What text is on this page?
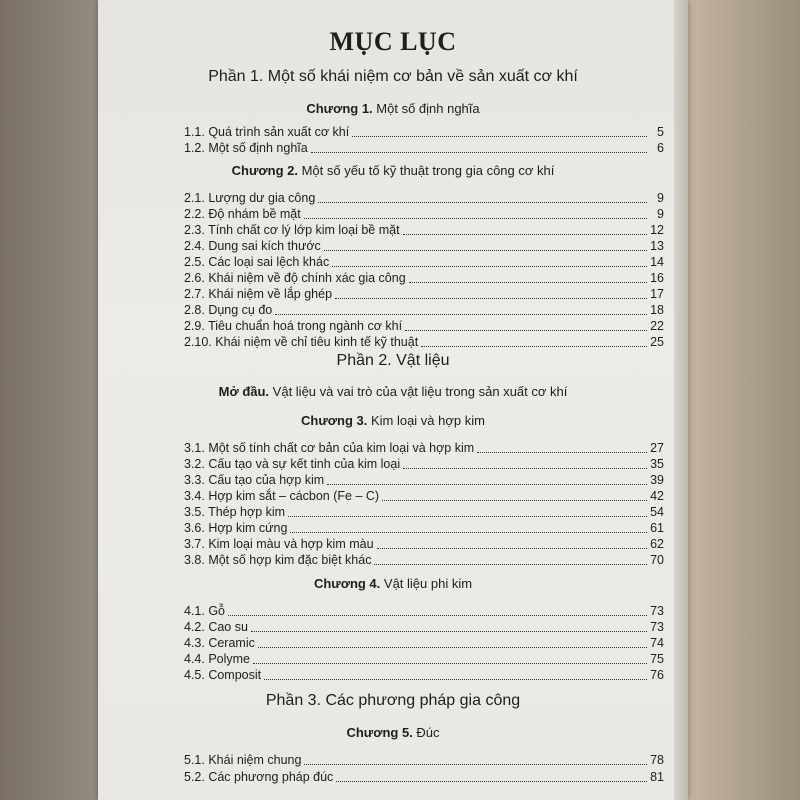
MỤC LỤC
Phần 1. Một số khái niệm cơ bản về sản xuất cơ khí
Chương 1. Một số định nghĩa
1.1. Quá trình sản xuất cơ khí	5
1.2. Một số định nghĩa	6
Chương 2. Một số yếu tố kỹ thuật trong gia công cơ khí
2.1. Lượng dư gia công	9
2.2. Độ nhám bề mặt	9
2.3. Tính chất cơ lý lớp kim loại bề mặt	12
2.4. Dung sai kích thước	13
2.5. Các loại sai lệch khác	14
2.6. Khái niệm về độ chính xác gia công	16
2.7. Khái niệm về lắp ghép	17
2.8. Dụng cụ đo	18
2.9. Tiêu chuẩn hoá trong ngành cơ khí	22
2.10. Khái niệm về chỉ tiêu kinh tế kỹ thuật	25
Phần 2. Vật liệu
Mở đầu. Vật liệu và vai trò của vật liệu trong sản xuất cơ khí
Chương 3. Kim loại và hợp kim
3.1. Một số tính chất cơ bản của kim loại và hợp kim	27
3.2. Cấu tạo và sự kết tinh của kim loại	35
3.3. Cấu tạo của hợp kim	39
3.4. Hợp kim sắt – cácbon (Fe – C)	42
3.5. Thép hợp kim	54
3.6. Hợp kim cứng	61
3.7. Kim loại màu và hợp kim màu	62
3.8. Một số hợp kim đặc biệt khác	70
Chương 4. Vật liệu phi kim
4.1. Gỗ	73
4.2. Cao su	73
4.3. Ceramic	74
4.4. Polyme	75
4.5. Composit	76
Phần 3. Các phương pháp gia công
Chương 5. Đúc
5.1. Khái niệm chung	78
5.2. Các phương pháp đúc	81
